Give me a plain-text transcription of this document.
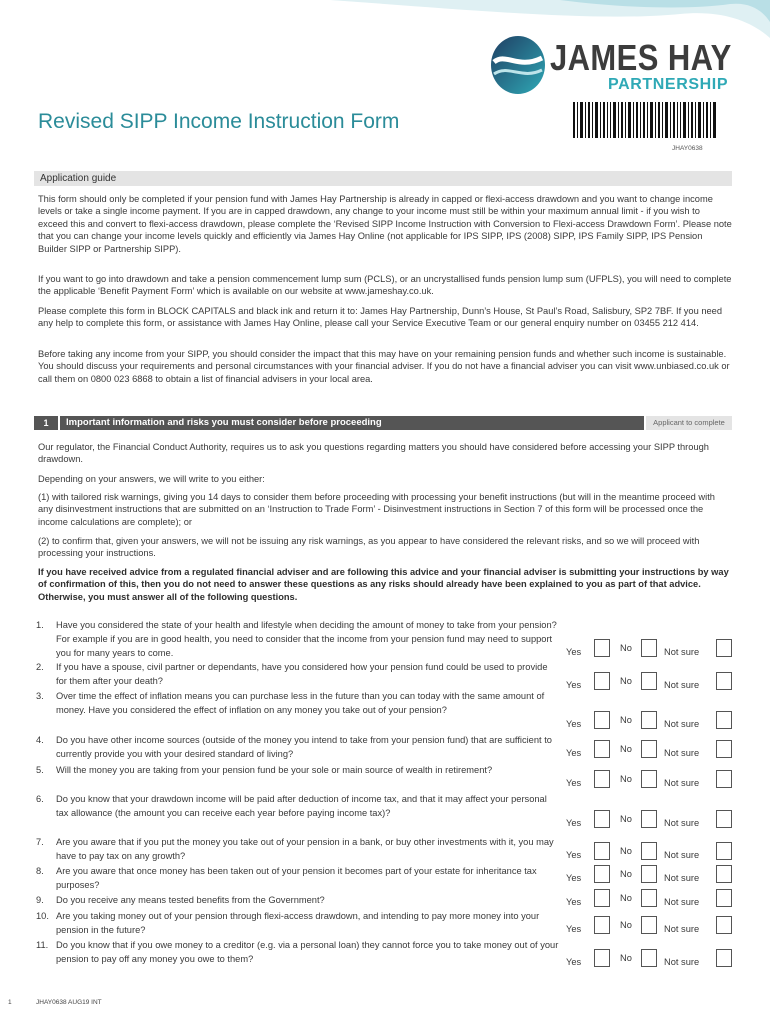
JAMES HAY
PARTNERSHIP
Revised SIPP Income Instruction Form
JHAY0638
Application guide

This form should only be completed if your pension fund with James Hay Partnership is already in capped or flexi-access drawdown and you want to change income levels or take a single income payment. If you are in capped drawdown, any change to your income must still be within your maximum annual limit - if you wish to exceed this and convert to flexi-access drawdown, please complete the ‘Revised SIPP Income Instruction with Conversion to Flexi-access Drawdown Form’. Please note that you can change your income levels quickly and efficiently via James Hay Online (not applicable for IPS SIPP, IPS (2008) SIPP, IPS Family SIPP, IPS Pension Builder SIPP or Partnership SIPP).

If you want to go into drawdown and take a pension commencement lump sum (PCLS), or an uncrystallised funds pension lump sum (UFPLS), you will need to complete the applicable ‘Benefit Payment Form’ which is available on our website at www.jameshay.co.uk.

Please complete this form in BLOCK CAPITALS and black ink and return it to: James Hay Partnership, Dunn’s House, St Paul’s Road, Salisbury, SP2 7BF. If you need any help to complete this form, or assistance with James Hay Online, please call your Service Executive Team or our general enquiry number on 03455 212 414.

Before taking any income from your SIPP, you should consider the impact that this may have on your remaining pension funds and whether such income is sustainable. You should discuss your requirements and personal circumstances with your financial adviser. If you do not have a financial adviser you can visit www.unbiased.co.uk or call them on 0800 023 6868 to obtain a list of financial advisers in your local area.

1	Important information and risks you must consider before proceeding	Applicant to complete

Our regulator, the Financial Conduct Authority, requires us to ask you questions regarding matters you should have considered before accessing your SIPP through drawdown.

Depending on your answers, we will write to you either:

(1) with tailored risk warnings, giving you 14 days to consider them before proceeding with processing your benefit instructions (but will in the meantime proceed with any disinvestment instructions that are submitted on an ‘Instruction to Trade Form’ - Disinvestment instructions in Section 7 of this form will be processed once the income calculations are complete); or

(2) to confirm that, given your answers, we will not be issuing any risk warnings, as you appear to have considered the relevant risks, and so we will proceed with processing your instructions.

If you have received advice from a regulated financial adviser and are following this advice and your financial adviser is submitting your instructions by way of confirmation of this, then you do not need to answer these questions as any risks should already have been explained to you as part of that advice. Otherwise, you must answer all of the following questions.

1. Have you considered the state of your health and lifestyle when deciding the amount of money to take from your pension? For example if you are in good health, you need to consider that the income from your pension fund may need to support you for many years to come.	Yes	No	Not sure
2. If you have a spouse, civil partner or dependants, have you considered how your pension fund could be used to provide for them after your death?	Yes	No	Not sure
3. Over time the effect of inflation means you can purchase less in the future than you can today with the same amount of money. Have you considered the effect of inflation on any money you take out of your pension?
Yes	No	Not sure
4. Do you have other income sources (outside of the money you intend to take from your pension fund) that are sufficient to currently provide you with your desired standard of living?	Yes	No	Not sure
5. Will the money you are taking from your pension fund be your sole or main source of wealth in retirement?
Yes	No	Not sure
6. Do you know that your drawdown income will be paid after deduction of income tax, and that it may affect your personal tax allowance (the amount you can receive each year before paying income tax)?
Yes	No	Not sure
7. Are you aware that if you put the money you take out of your pension in a bank, or buy other investments with it, you may have to pay tax on any growth?	Yes	No	Not sure
8. Are you aware that once money has been taken out of your pension it becomes part of your estate for inheritance tax purposes?
Yes	No	Not sure
9. Do you receive any means tested benefits from the Government?	Yes	No	Not sure
10. Are you taking money out of your pension through flexi-access drawdown, and intending to pay more money into your pension in the future?	Yes	No	Not sure
11. Do you know that if you owe money to a creditor (e.g. via a personal loan) they cannot force you to take money out of your pension to pay off any money you owe to them?	Yes	No	Not sure
1	JHAY0638 AUG19 INT
